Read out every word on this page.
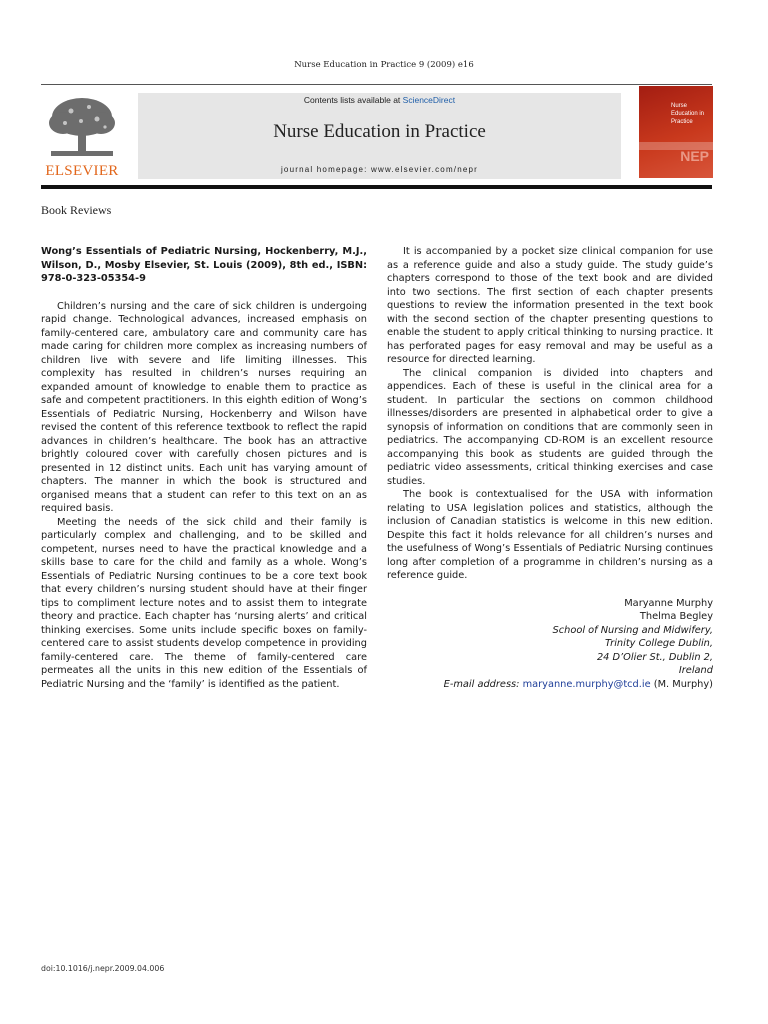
Nurse Education in Practice 9 (2009) e16
ELSEVIER
Contents lists available at ScienceDirect
Nurse Education in Practice
journal homepage: www.elsevier.com/nepr
Nurse Education in Practice
NEP
Book Reviews

Wong’s Essentials of Pediatric Nursing, Hockenberry, M.J., Wilson, D., Mosby Elsevier, St. Louis (2009), 8th ed., ISBN: 978-0-323-05354-9

Children’s nursing and the care of sick children is undergoing rapid change. Technological advances, increased emphasis on family-centered care, ambulatory care and community care has made caring for children more complex as increasing numbers of children live with severe and life limiting illnesses. This complexity has resulted in children’s nurses requiring an expanded amount of knowledge to enable them to practice as safe and competent practitioners. In this eighth edition of Wong’s Essentials of Pediatric Nursing, Hockenberry and Wilson have revised the content of this reference textbook to reflect the rapid advances in children’s healthcare. The book has an attractive brightly coloured cover with carefully chosen pictures and is presented in 12 distinct units. Each unit has varying amount of chapters. The manner in which the book is structured and organised means that a student can refer to this text on an as required basis.

Meeting the needs of the sick child and their family is particularly complex and challenging, and to be skilled and competent, nurses need to have the practical knowledge and a skills base to care for the child and family as a whole. Wong’s Essentials of Pediatric Nursing continues to be a core text book that every children’s nursing student should have at their finger tips to compliment lecture notes and to assist them to integrate theory and practice. Each chapter has ‘nursing alerts’ and critical thinking exercises. Some units include specific boxes on family-centered care to assist students develop competence in providing family-centered care. The theme of family-centered care permeates all the units in this new edition of the Essentials of Pediatric Nursing and the ‘family’ is identified as the patient.

It is accompanied by a pocket size clinical companion for use as a reference guide and also a study guide. The study guide’s chapters correspond to those of the text book and are divided into two sections. The first section of each chapter presents questions to review the information presented in the text book with the second section of the chapter presenting questions to enable the student to apply critical thinking to nursing practice. It has perforated pages for easy removal and may be useful as a resource for directed learning.

The clinical companion is divided into chapters and appendices. Each of these is useful in the clinical area for a student. In particular the sections on common childhood illnesses/disorders are presented in alphabetical order to give a synopsis of information on conditions that are commonly seen in pediatrics. The accompanying CD-ROM is an excellent resource accompanying this book as students are guided through the pediatric video assessments, critical thinking exercises and case studies.

The book is contextualised for the USA with information relating to USA legislation polices and statistics, although the inclusion of Canadian statistics is welcome in this new edition. Despite this fact it holds relevance for all children’s nurses and the usefulness of Wong’s Essentials of Pediatric Nursing continues long after completion of a programme in children’s nursing as a reference guide.

Maryanne Murphy
Thelma Begley
School of Nursing and Midwifery,
Trinity College Dublin,
24 D’Olier St., Dublin 2,
Ireland
E-mail address: maryanne.murphy@tcd.ie (M. Murphy)
doi:10.1016/j.nepr.2009.04.006
